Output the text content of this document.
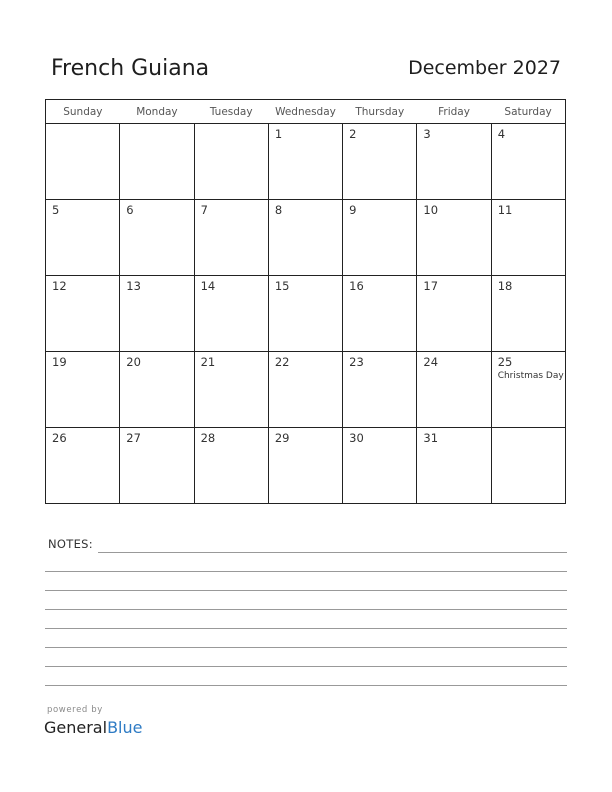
French Guiana	December 2027
Sunday	Monday	Tuesday	Wednesday	Thursday	Friday	Saturday

			1	2	3	4

5	6	7	8	9	10	11

12	13	14	15	16	17	18

19	20	21	22	23	24	25
Christmas Day

26	27	28	29	30	31	

NOTES:
powered by
GeneralBlue
